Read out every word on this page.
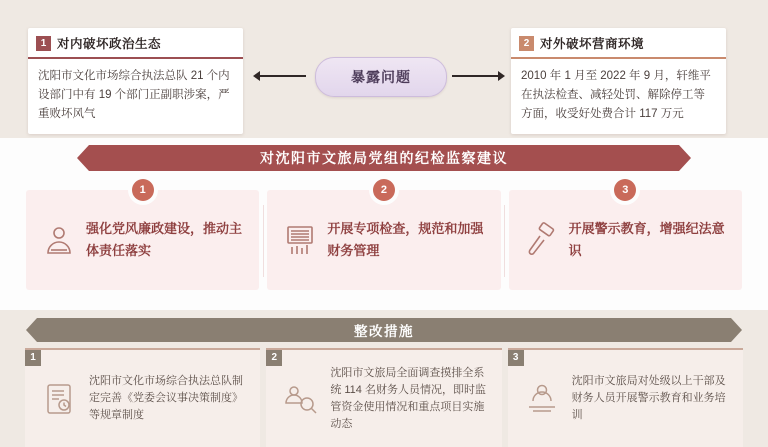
1 对内破坏政治生态
沈阳市文化市场综合执法总队 21 个内设部门中有 19 个部门正副职涉案，严重败坏风气
暴露问题
2 对外破坏营商环境
2010 年 1 月至 2022 年 9 月，轩维平在执法检查、减轻处罚、解除停工等方面，收受好处费合计 117 万元
对沈阳市文旅局党组的纪检监察建议
1
强化党风廉政建设，推动主体责任落实
2
开展专项检查，规范和加强财务管理
3
开展警示教育，增强纪法意识
整改措施
1
沈阳市文化市场综合执法总队制定完善《党委会议事决策制度》等规章制度
2
沈阳市文旅局全面调查摸排全系统 114 名财务人员情况，即时监管资金使用情况和重点项目实施动态
3
沈阳市文旅局对处级以上干部及财务人员开展警示教育和业务培训
